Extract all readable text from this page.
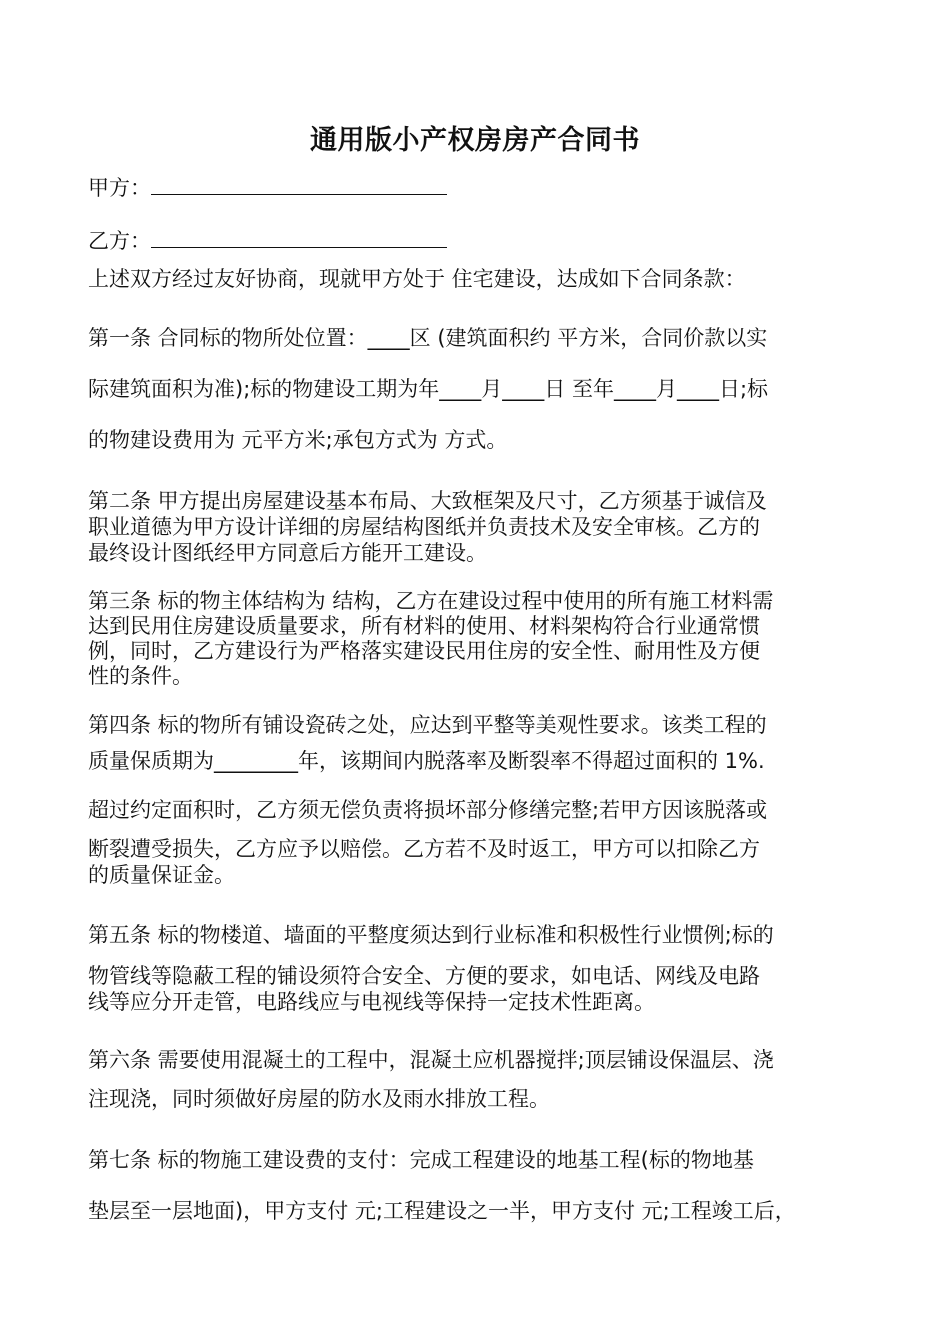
通用版小产权房房产合同书
甲方：
乙方：
上述双方经过友好协商，现就甲方处于 住宅建设，达成如下合同条款：
第一条 合同标的物所处位置：____区 (建筑面积约 平方米，合同价款以实
际建筑面积为准);标的物建设工期为年____月____日 至年____月____日;标
的物建设费用为 元平方米;承包方式为 方式。
第二条 甲方提出房屋建设基本布局、大致框架及尺寸，乙方须基于诚信及
职业道德为甲方设计详细的房屋结构图纸并负责技术及安全审核。乙方的
最终设计图纸经甲方同意后方能开工建设。
第三条 标的物主体结构为 结构，乙方在建设过程中使用的所有施工材料需
达到民用住房建设质量要求，所有材料的使用、材料架构符合行业通常惯
例，同时，乙方建设行为严格落实建设民用住房的安全性、耐用性及方便
性的条件。
第四条 标的物所有铺设瓷砖之处，应达到平整等美观性要求。该类工程的
质量保质期为________年，该期间内脱落率及断裂率不得超过面积的 1%.
超过约定面积时，乙方须无偿负责将损坏部分修缮完整;若甲方因该脱落或
断裂遭受损失，乙方应予以赔偿。乙方若不及时返工，甲方可以扣除乙方
的质量保证金。
第五条 标的物楼道、墙面的平整度须达到行业标准和积极性行业惯例;标的
物管线等隐蔽工程的铺设须符合安全、方便的要求，如电话、网线及电路
线等应分开走管，电路线应与电视线等保持一定技术性距离。
第六条 需要使用混凝土的工程中，混凝土应机器搅拌;顶层铺设保温层、浇
注现浇，同时须做好房屋的防水及雨水排放工程。
第七条 标的物施工建设费的支付：完成工程建设的地基工程(标的物地基
垫层至一层地面)，甲方支付 元;工程建设之一半，甲方支付 元;工程竣工后，
